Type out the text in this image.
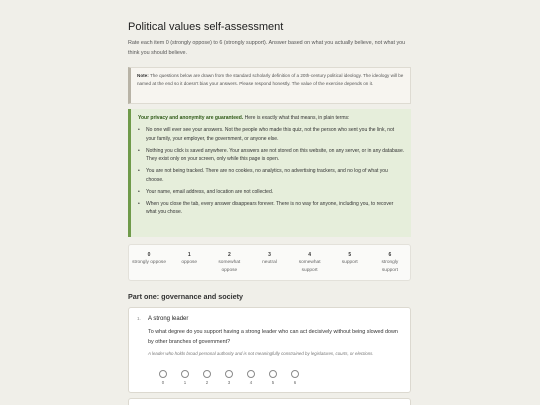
Political values self-assessment

Rate each item 0 (strongly oppose) to 6 (strongly support). Answer based on what you actually believe, not what you think you should believe.

Note: The questions below are drawn from the standard scholarly definition of a 20th-century political ideology. The ideology will be named at the end so it doesn't bias your answers. Please respond honestly. The value of the exercise depends on it.
Your privacy and anonymity are guaranteed. Here is exactly what that means, in plain terms:
• No one will ever see your answers. Not the people who made this quiz, not the person who sent you the link, not your family, your employer, the government, or anyone else.
• Nothing you click is saved anywhere. Your answers are not stored on this website, on any server, or in any database. They exist only on your screen, only while this page is open.
• You are not being tracked. There are no cookies, no analytics, no advertising trackers, and no log of what you choose.
• Your name, email address, and location are not collected.
• When you close the tab, every answer disappears forever. There is no way for anyone, including you, to recover what you chose.
0
strongly oppose
1
oppose
2
somewhat oppose
3
neutral
4
somewhat support
5
support
6
strongly support
Part one: governance and society
1. A strong leader

To what degree do you support having a strong leader who can act decisively without being slowed down by other branches of government?

A leader who holds broad personal authority and is not meaningfully constrained by legislatures, courts, or elections.

0	1	2	3	4	5	6
